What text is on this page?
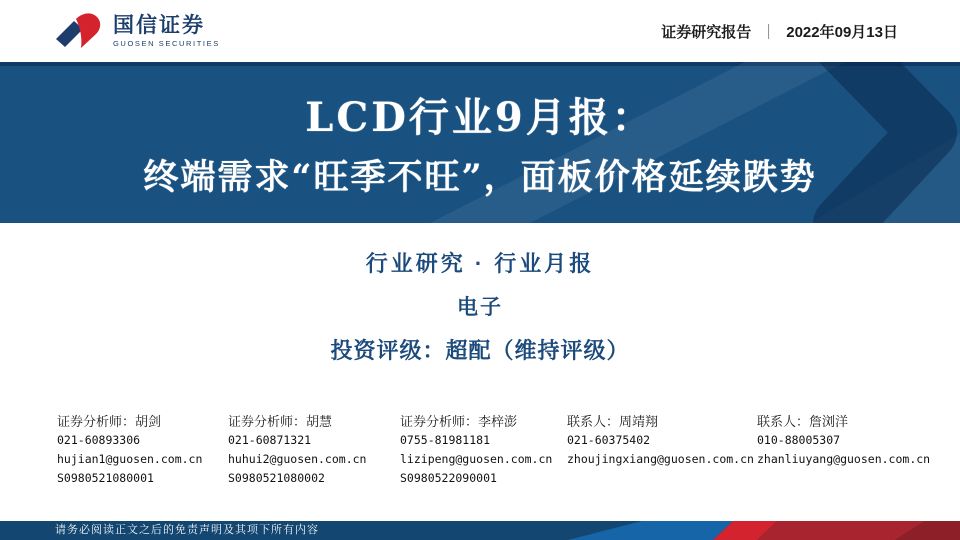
国信证券
GUOSEN SECURITIES
证券研究报告 ｜ 2022年09月13日
LCD行业9月报：
终端需求“旺季不旺”，面板价格延续跌势
行业研究 · 行业月报
电子
投资评级：超配（维持评级）
证券分析师：胡剑
021-60893306
hujian1@guosen.com.cn
S0980521080001
证券分析师：胡慧
021-60871321
huhui2@guosen.com.cn
S0980521080002
证券分析师：李梓澎
0755-81981181
lizipeng@guosen.com.cn
S0980522090001
联系人：周靖翔
021-60375402
zhoujingxiang@guosen.com.cn
联系人：詹浏洋
010-88005307
zhanliuyang@guosen.com.cn
请务必阅读正文之后的免责声明及其项下所有内容
